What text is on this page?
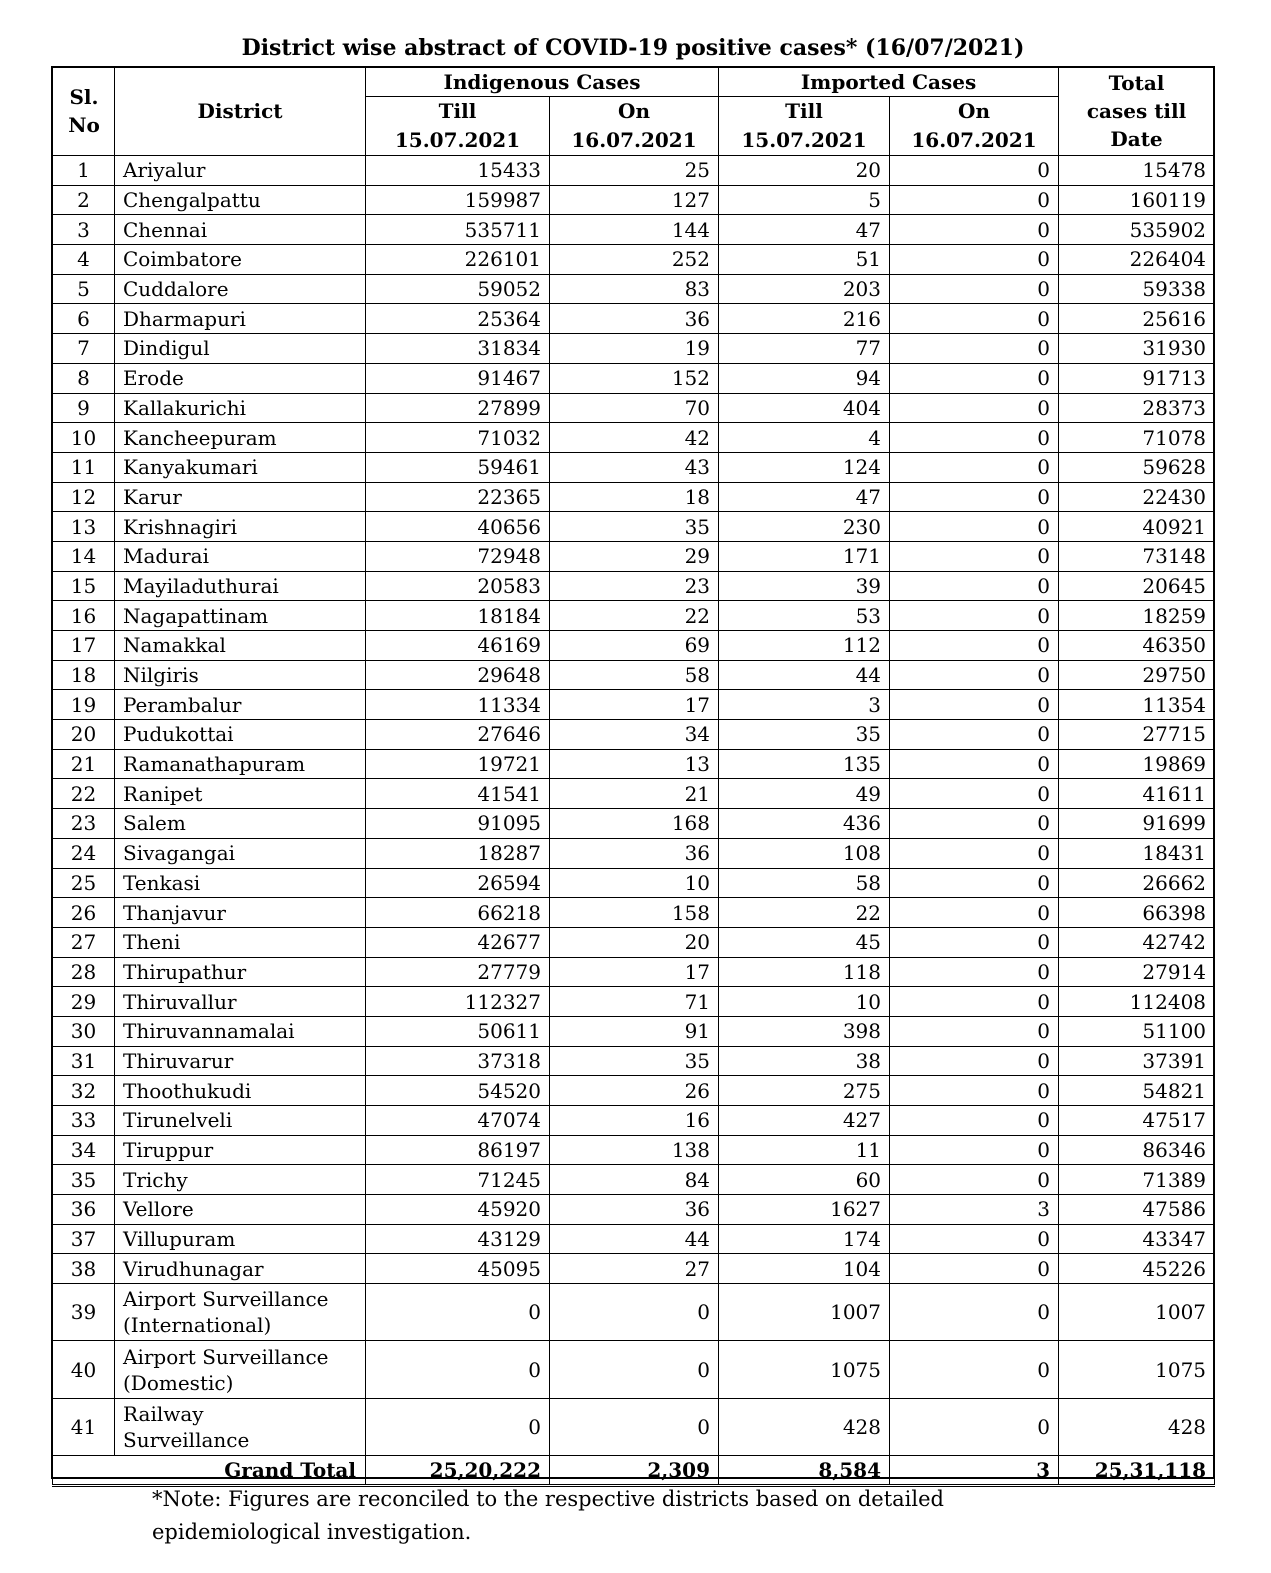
District wise abstract of COVID-19 positive cases* (16/07/2021)
Sl. No	District	Indigenous Cases		Imported Cases		Total cases till Date

		Till	On	Till	On	
		15.07.2021	16.07.2021	15.07.2021	16.07.2021	
1	Ariyalur	15433	25	20	0	15478
2	Chengalpattu	159987	127	5	0	160119
3	Chennai	535711	144	47	0	535902
4	Coimbatore	226101	252	51	0	226404
5	Cuddalore	59052	83	203	0	59338
6	Dharmapuri	25364	36	216	0	25616
7	Dindigul	31834	19	77	0	31930
8	Erode	91467	152	94	0	91713
9	Kallakurichi	27899	70	404	0	28373
10	Kancheepuram	71032	42	4	0	71078
11	Kanyakumari	59461	43	124	0	59628
12	Karur	22365	18	47	0	22430
13	Krishnagiri	40656	35	230	0	40921
14	Madurai	72948	29	171	0	73148
15	Mayiladuthurai	20583	23	39	0	20645
16	Nagapattinam	18184	22	53	0	18259
17	Namakkal	46169	69	112	0	46350
18	Nilgiris	29648	58	44	0	29750
19	Perambalur	11334	17	3	0	11354
20	Pudukottai	27646	34	35	0	27715
21	Ramanathapuram	19721	13	135	0	19869
22	Ranipet	41541	21	49	0	41611
23	Salem	91095	168	436	0	91699
24	Sivagangai	18287	36	108	0	18431
25	Tenkasi	26594	10	58	0	26662
26	Thanjavur	66218	158	22	0	66398
27	Theni	42677	20	45	0	42742
28	Thirupathur	27779	17	118	0	27914
29	Thiruvallur	112327	71	10	0	112408
30	Thiruvannamalai	50611	91	398	0	51100
31	Thiruvarur	37318	35	38	0	37391
32	Thoothukudi	54520	26	275	0	54821
33	Tirunelveli	47074	16	427	0	47517
34	Tiruppur	86197	138	11	0	86346
35	Trichy	71245	84	60	0	71389
36	Vellore	45920	36	1627	3	47586
37	Villupuram	43129	44	174	0	43347
38	Virudhunagar	45095	27	104	0	45226
39	Airport Surveillance
(International)	0	0	1007	0	1007
40	Airport Surveillance
(Domestic)	0	0	1075	0	1075
41	Railway
Surveillance	0	0	428	0	428
Grand Total		25,20,222	2,309	8,584	3	25,31,118
*Note: Figures are reconciled to the respective districts based on detailed
epidemiological investigation.
